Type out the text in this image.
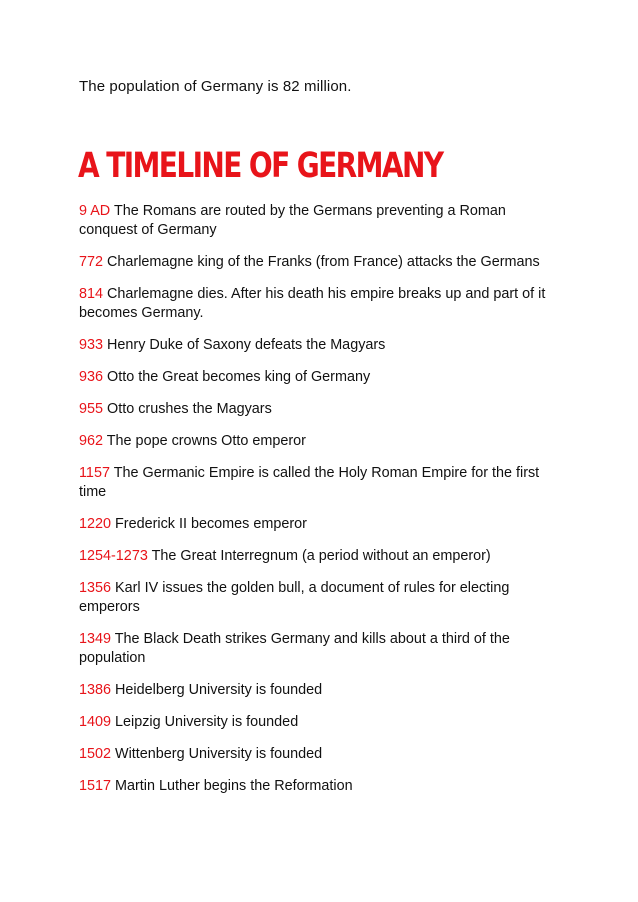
The population of Germany is 82 million.
A TIMELINE OF GERMANY
9 AD The Romans are routed by the Germans preventing a Roman conquest of Germany
772 Charlemagne king of the Franks (from France) attacks the Germans
814 Charlemagne dies. After his death his empire breaks up and part of it becomes Germany.
933 Henry Duke of Saxony defeats the Magyars
936 Otto the Great becomes king of Germany
955 Otto crushes the Magyars
962 The pope crowns Otto emperor
1157 The Germanic Empire is called the Holy Roman Empire for the first time
1220 Frederick II becomes emperor
1254-1273 The Great Interregnum (a period without an emperor)
1356 Karl IV issues the golden bull, a document of rules for electing emperors
1349 The Black Death strikes Germany and kills about a third of the population
1386 Heidelberg University is founded
1409 Leipzig University is founded
1502 Wittenberg University is founded
1517 Martin Luther begins the Reformation
